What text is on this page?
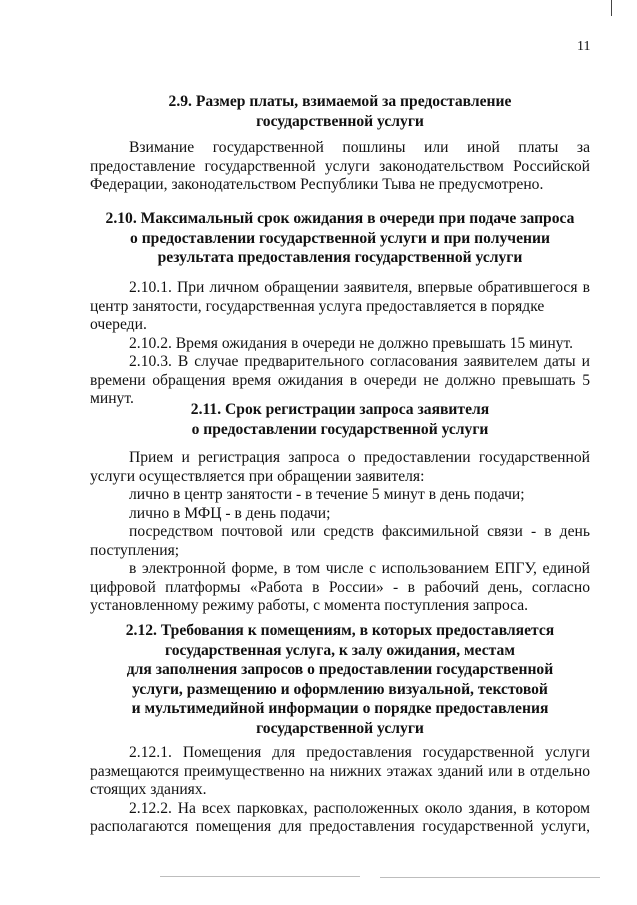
11
2.9. Размер платы, взимаемой за предоставление
государственной услуги

Взимание государственной пошлины или иной платы за

предоставление государственной услуги законодательством Российской

Федерации, законодательством Республики Тыва не предусмотрено.

2.10. Максимальный срок ожидания в очереди при подаче запроса
о предоставлении государственной услуги и при получении
результата предоставления государственной услуги

2.10.1. При личном обращении заявителя, впервые обратившегося в

центр занятости, государственная услуга предоставляется в порядке очереди.

2.10.2. Время ожидания в очереди не должно превышать 15 минут.

2.10.3. В случае предварительного согласования заявителем даты и

времени обращения время ожидания в очереди не должно превышать 5

минут.

2.11. Срок регистрации запроса заявителя
о предоставлении государственной услуги

Прием и регистрация запроса о предоставлении государственной

услуги осуществляется при обращении заявителя:

лично в центр занятости - в течение 5 минут в день подачи;

лично в МФЦ - в день подачи;

посредством почтовой или средств факсимильной связи - в день

поступления;

в электронной форме, в том числе с использованием ЕПГУ, единой

цифровой платформы «Работа в России» - в рабочий день, согласно

установленному режиму работы, с момента поступления запроса.

2.12. Требования к помещениям, в которых предоставляется
государственная услуга, к залу ожидания, местам
для заполнения запросов о предоставлении государственной
услуги, размещению и оформлению визуальной, текстовой
и мультимедийной информации о порядке предоставления
государственной услуги

2.12.1. Помещения для предоставления государственной услуги

размещаются преимущественно на нижних этажах зданий или в отдельно

стоящих зданиях.

2.12.2. На всех парковках, расположенных около здания, в котором

располагаются помещения для предоставления государственной услуги,
